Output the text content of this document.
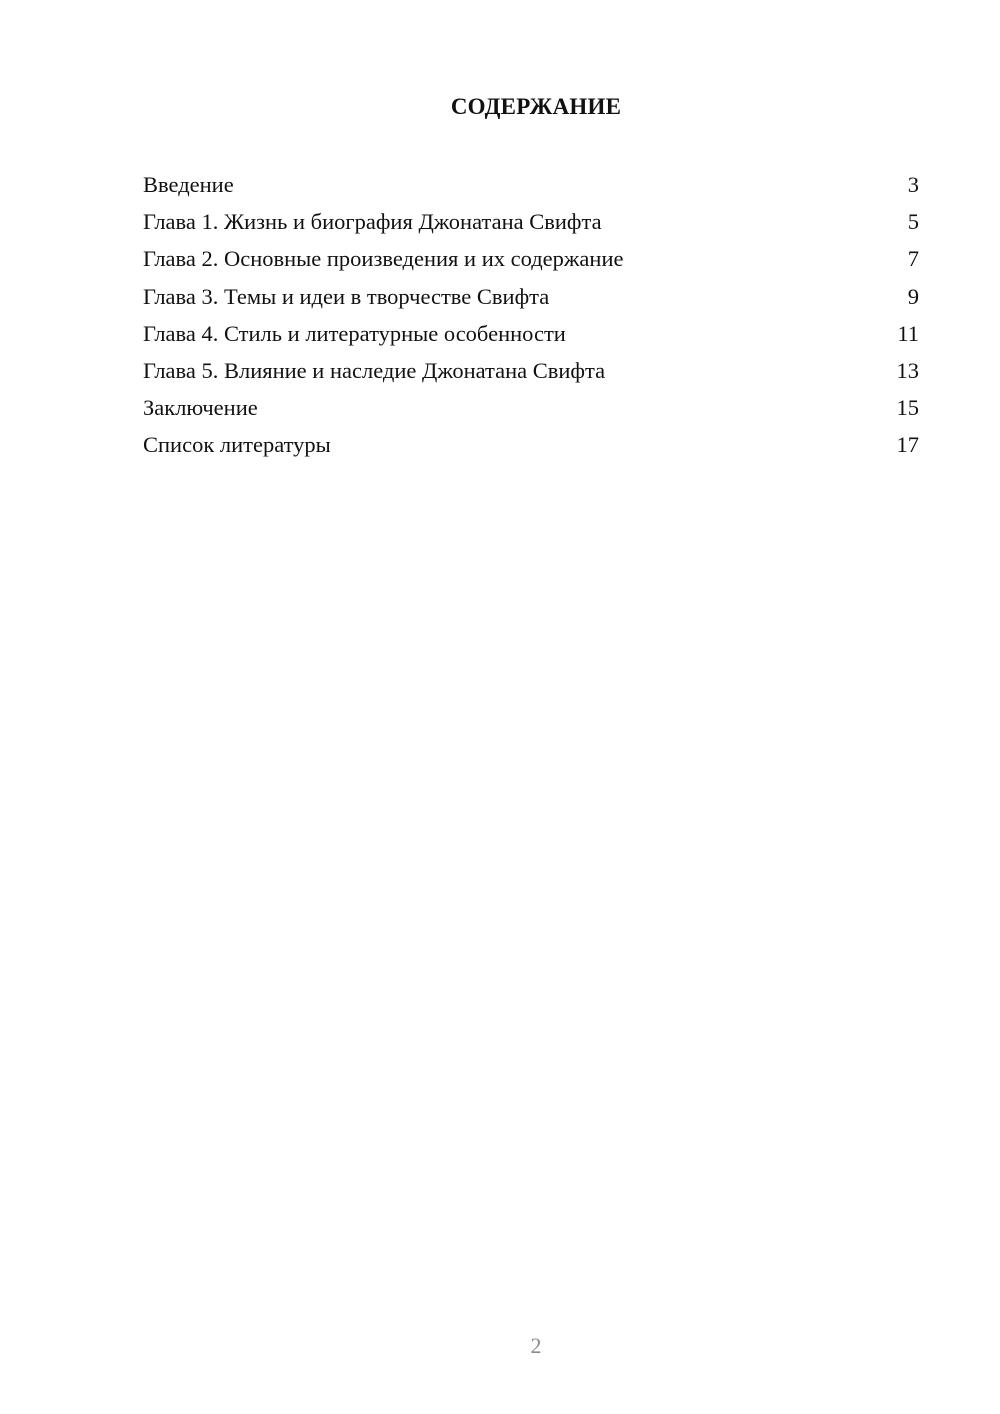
СОДЕРЖАНИЕ
Введение	3
Глава 1. Жизнь и биография Джонатана Свифта	5
Глава 2. Основные произведения и их содержание	7
Глава 3. Темы и идеи в творчестве Свифта	9
Глава 4. Стиль и литературные особенности	11
Глава 5. Влияние и наследие Джонатана Свифта	13
Заключение	15
Список литературы	17
2
